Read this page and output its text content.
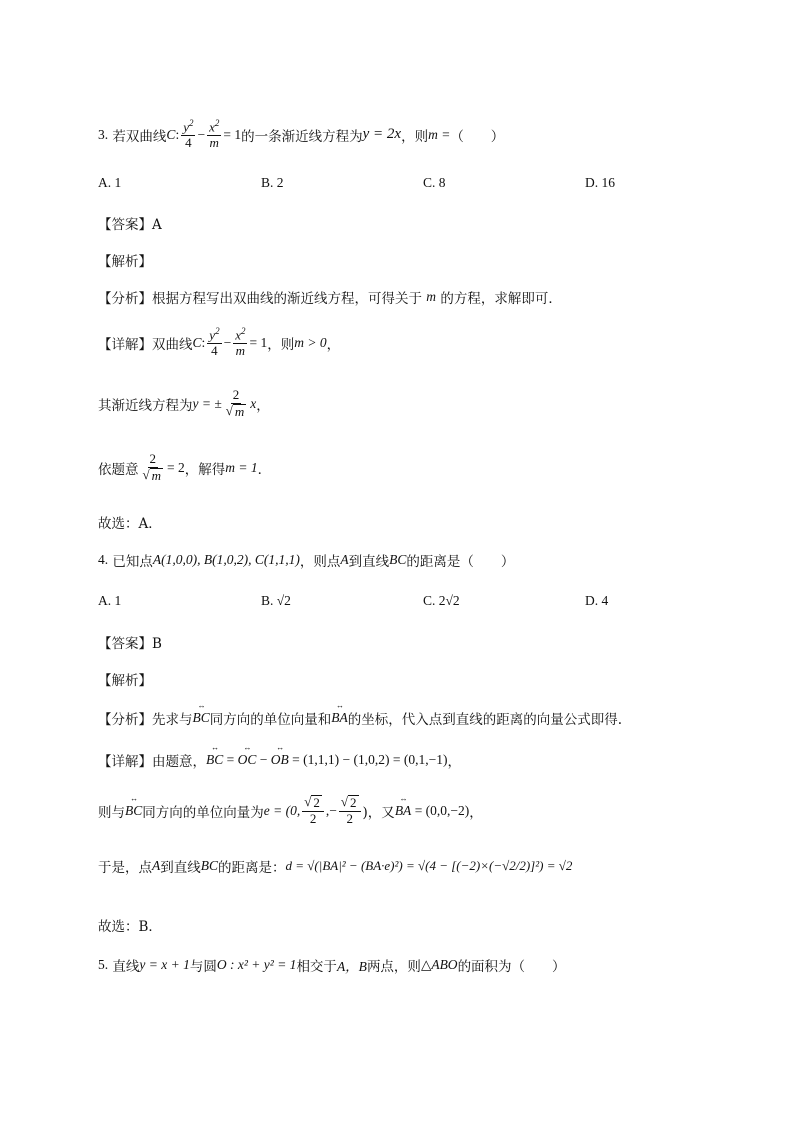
3.
若双曲线 C : $\frac{y^2}{4} - \frac{x^2}{m} = 1$ 的一条渐近线方程为 y = 2x ，则 m = （　　）
A. 1	B. 2	C. 8	D. 16
【答案】A
【解析】
【分析】根据方程写出双曲线的渐近线方程，可得关于
m
的方程，求解即可．
【详解】双曲线 C : $\frac{y^2}{4} - \frac{x^2}{m} = 1$ ，则 m > 0 ，
其渐近线方程为 y = ± $\frac{2}{√ m}$ x ，
依题意 $\frac{2}{√ m} = 2$ ，解得 m = 1 ．
故选：A．
4.
已知点 A(1,0,0), B(1,0,2), C(1,1,1) ，则点 A 到直线 BC 的距离是（　　）
A. 1	B. √2	C. 2√2	D. 4
【答案】B
【解析】
【分析】先求与 ↔ BC 同方向的单位向量和 ↔ BA 的坐标，代入点到直线的距离的向量公式即得.
【详解】由题意， ↔ BC = ↔ OC − ↔ OB
= (1,1,1) − (1,0,2) = (0,1,−1) ，
则与 ↔ BC 同方向的单位向量为 e = (0, $\frac{√ 2}{2}$ ,− $\frac{√ 2}{2}$ )，又 ↔ BA
= (0,0,−2) ，
于是，点 A 到直线 BC 的距离是： d = √(|BA|² − (BA·e)²) = √(4 − [(−2)×(−√2/2)]²) = √2
故选：B．
5.
直线 y = x + 1 与圆 O : x² + y² = 1 相交于 A，B 两点，则 △ABO 的面积为（　　）
